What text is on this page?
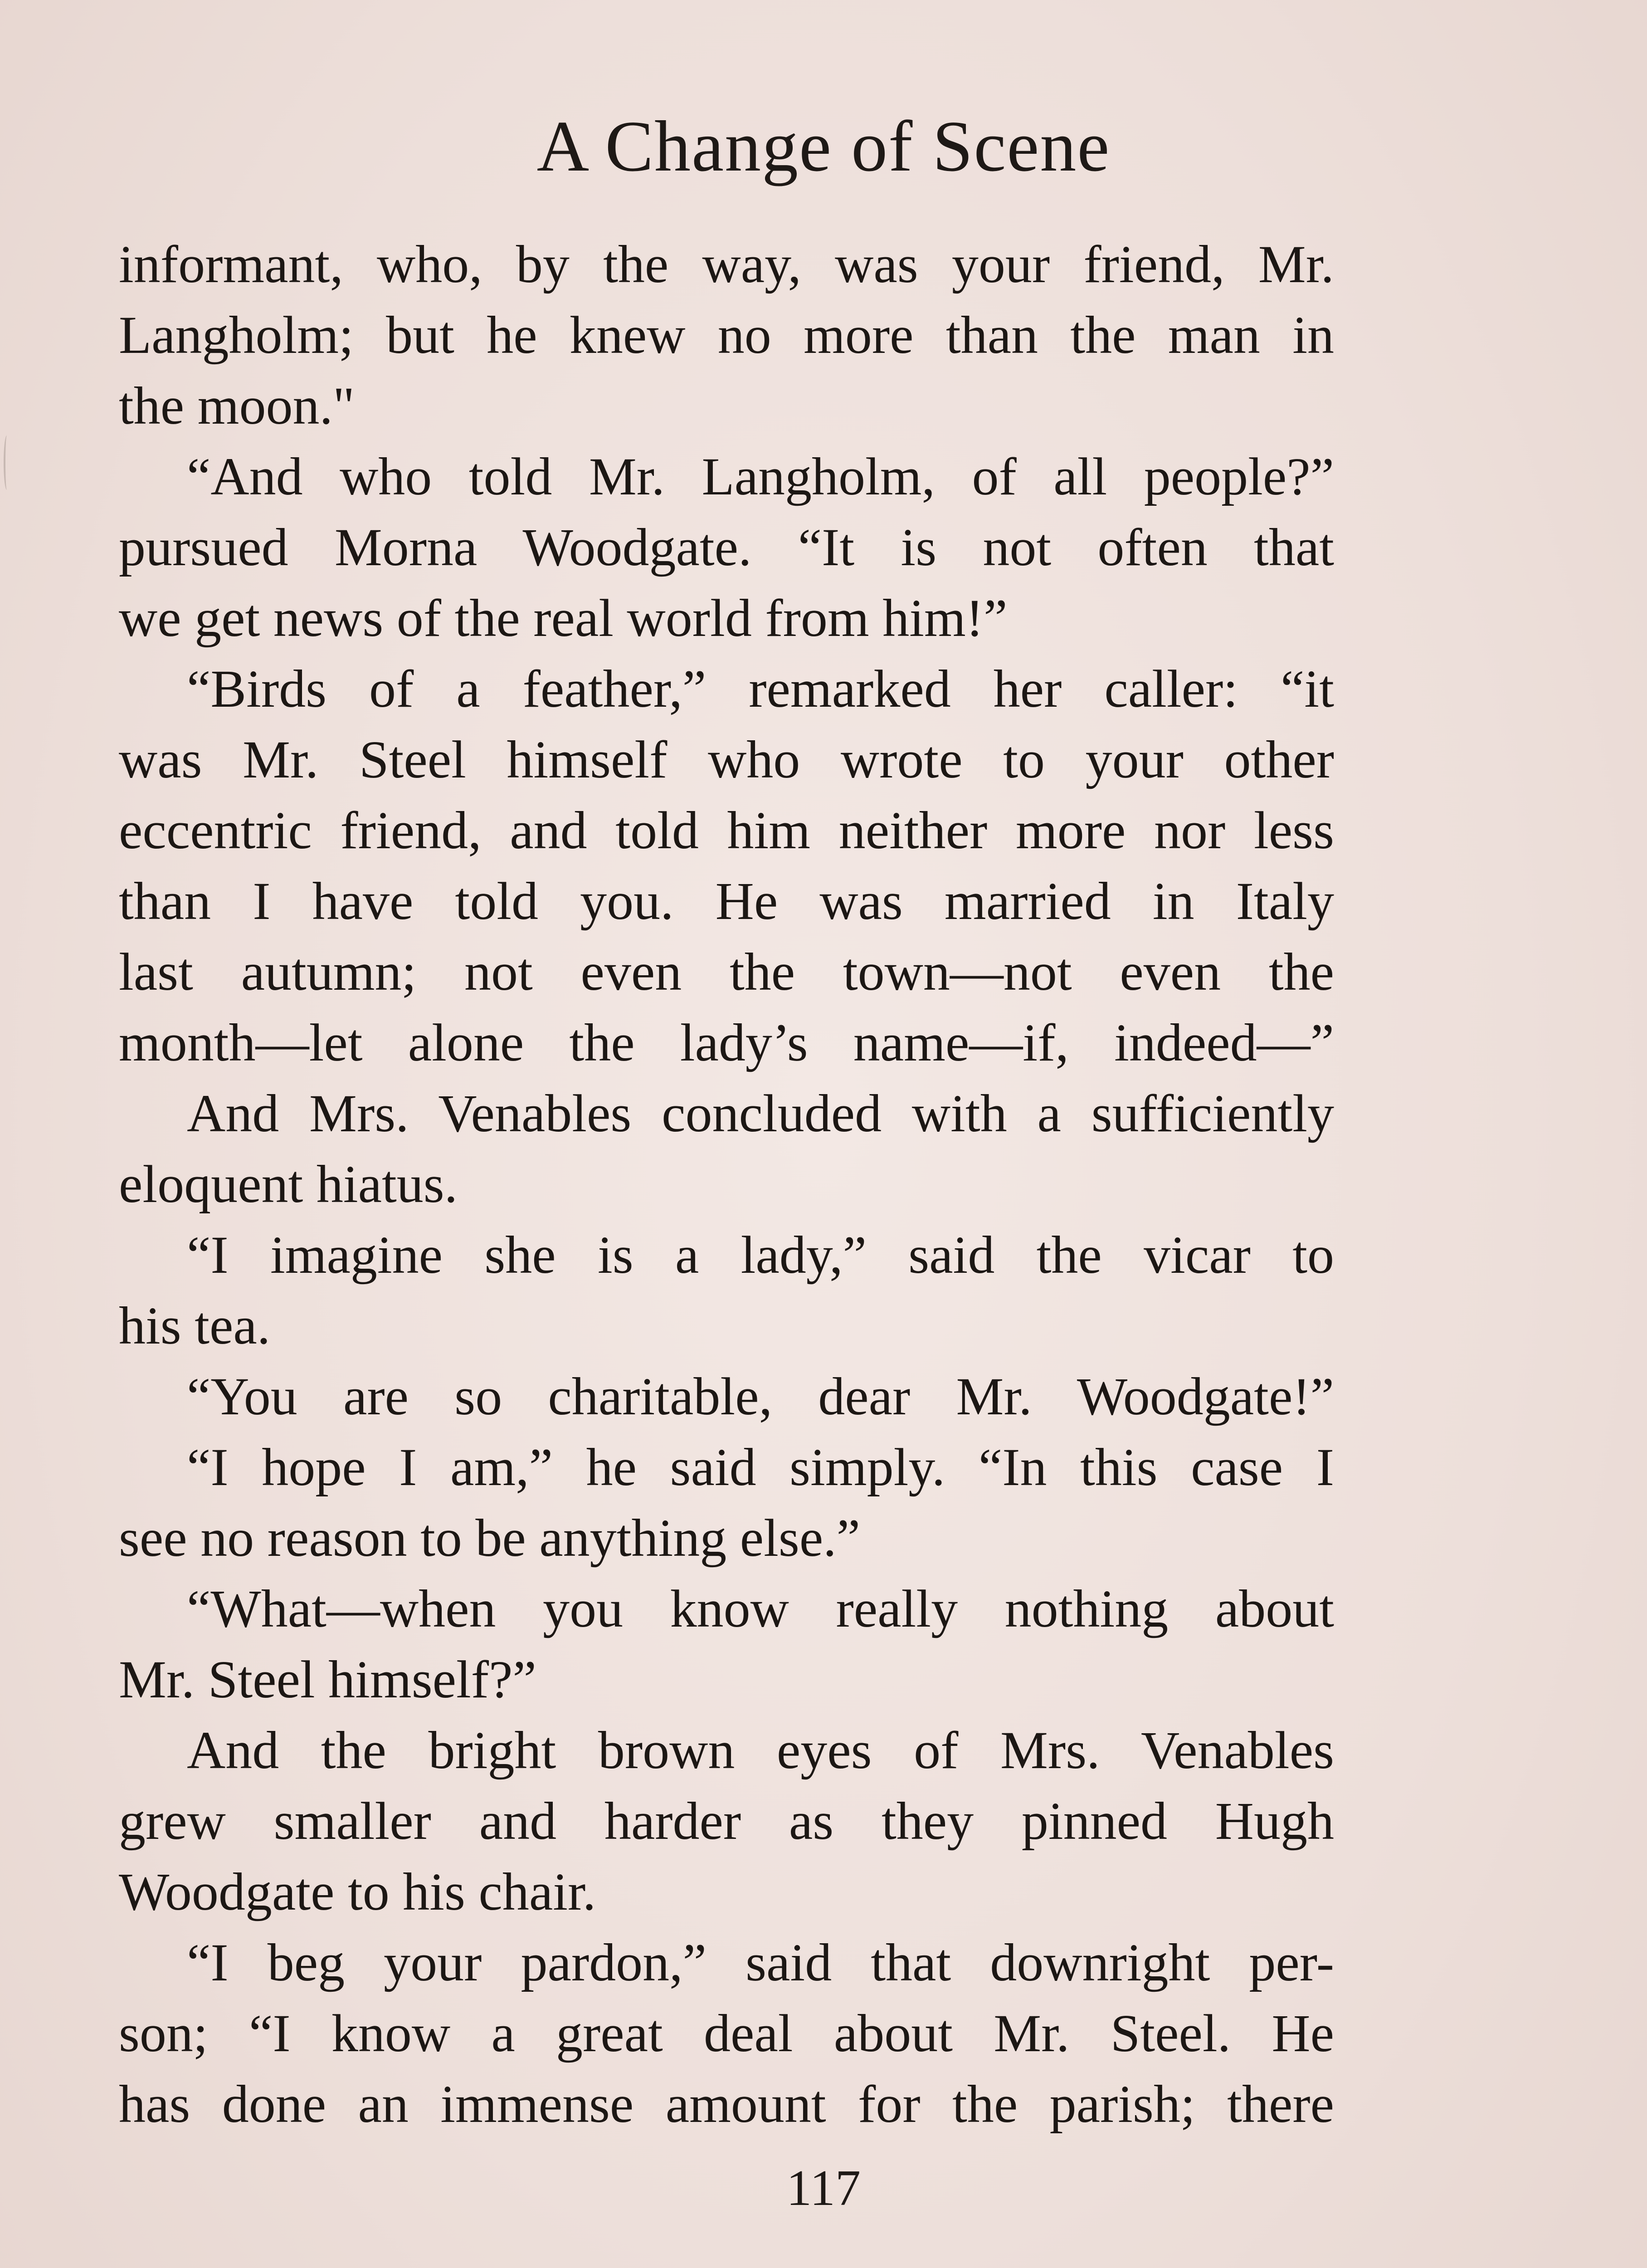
A Change of Scene
informant, who, by the way, was your friend, Mr.
Langholm; but he knew no more than the man in
the moon."
“And who told Mr. Langholm, of all people?”
pursued Morna Woodgate. “It is not often that
we get news of the real world from him!”
“Birds of a feather,” remarked her caller: “it
was Mr. Steel himself who wrote to your other
eccentric friend, and told him neither more nor less
than I have told you. He was married in Italy
last autumn; not even the town—not even the
month—let alone the lady’s name—if, indeed—”
And Mrs. Venables concluded with a sufficiently
eloquent hiatus.
“I imagine she is a lady,” said the vicar to
his tea.
“You are so charitable, dear Mr. Woodgate!”
“I hope I am,” he said simply. “In this case I
see no reason to be anything else.”
“What—when you know really nothing about
Mr. Steel himself?”
And the bright brown eyes of Mrs. Venables
grew smaller and harder as they pinned Hugh
Woodgate to his chair.
“I beg your pardon,” said that downright per-
son; “I know a great deal about Mr. Steel. He
has done an immense amount for the parish; there
117
